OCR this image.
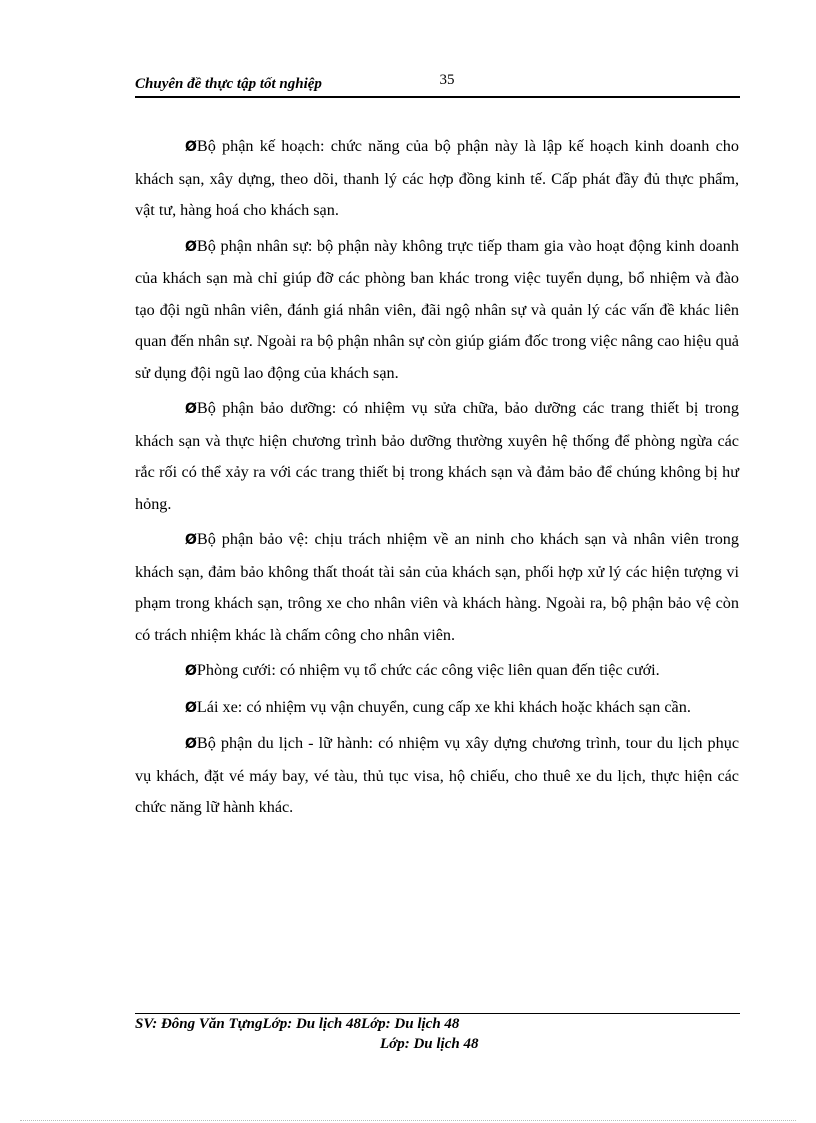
Chuyên đề thực tập tốt nghiệp	35

ØBộ phận kế hoạch: chức năng của bộ phận này là lập kế hoạch kinh doanh cho khách sạn, xây dựng, theo dõi, thanh lý các hợp đồng kinh tế. Cấp phát đầy đủ thực phẩm, vật tư, hàng hoá cho khách sạn.

ØBộ phận nhân sự: bộ phận này không trực tiếp tham gia vào hoạt động kinh doanh của khách sạn mà chỉ giúp đỡ các phòng ban khác trong việc tuyển dụng, bổ nhiệm và đào tạo đội ngũ nhân viên, đánh giá nhân viên, đãi ngộ nhân sự và quản lý các vấn đề khác liên quan đến nhân sự. Ngoài ra bộ phận nhân sự còn giúp giám đốc trong việc nâng cao hiệu quả sử dụng đội ngũ lao động của khách sạn.

ØBộ phận bảo dưỡng: có nhiệm vụ sửa chữa, bảo dưỡng các trang thiết bị trong khách sạn và thực hiện chương trình bảo dưỡng thường xuyên hệ thống để phòng ngừa các rắc rối có thể xảy ra với các trang thiết bị trong khách sạn và đảm bảo để chúng không bị hư hỏng.

ØBộ phận bảo vệ: chịu trách nhiệm về an ninh cho khách sạn và nhân viên trong khách sạn, đảm bảo không thất thoát tài sản của khách sạn, phối hợp xử lý các hiện tượng vi phạm trong khách sạn, trông xe cho nhân viên và khách hàng. Ngoài ra, bộ phận bảo vệ còn có trách nhiệm khác là chấm công cho nhân viên.

ØPhòng cưới: có nhiệm vụ tổ chức các công việc liên quan đến tiệc cưới.

ØLái xe: có nhiệm vụ vận chuyển, cung cấp xe khi khách hoặc khách sạn cần.

ØBộ phận du lịch - lữ hành: có nhiệm vụ xây dựng chương trình, tour du lịch phục vụ khách, đặt vé máy bay, vé tàu, thủ tục visa, hộ chiếu, cho thuê xe du lịch, thực hiện các chức năng lữ hành khác.

SV: Đông Văn TựngLớp: Du lịch 48Lớp: Du lịch 48
Lớp: Du lịch 48
